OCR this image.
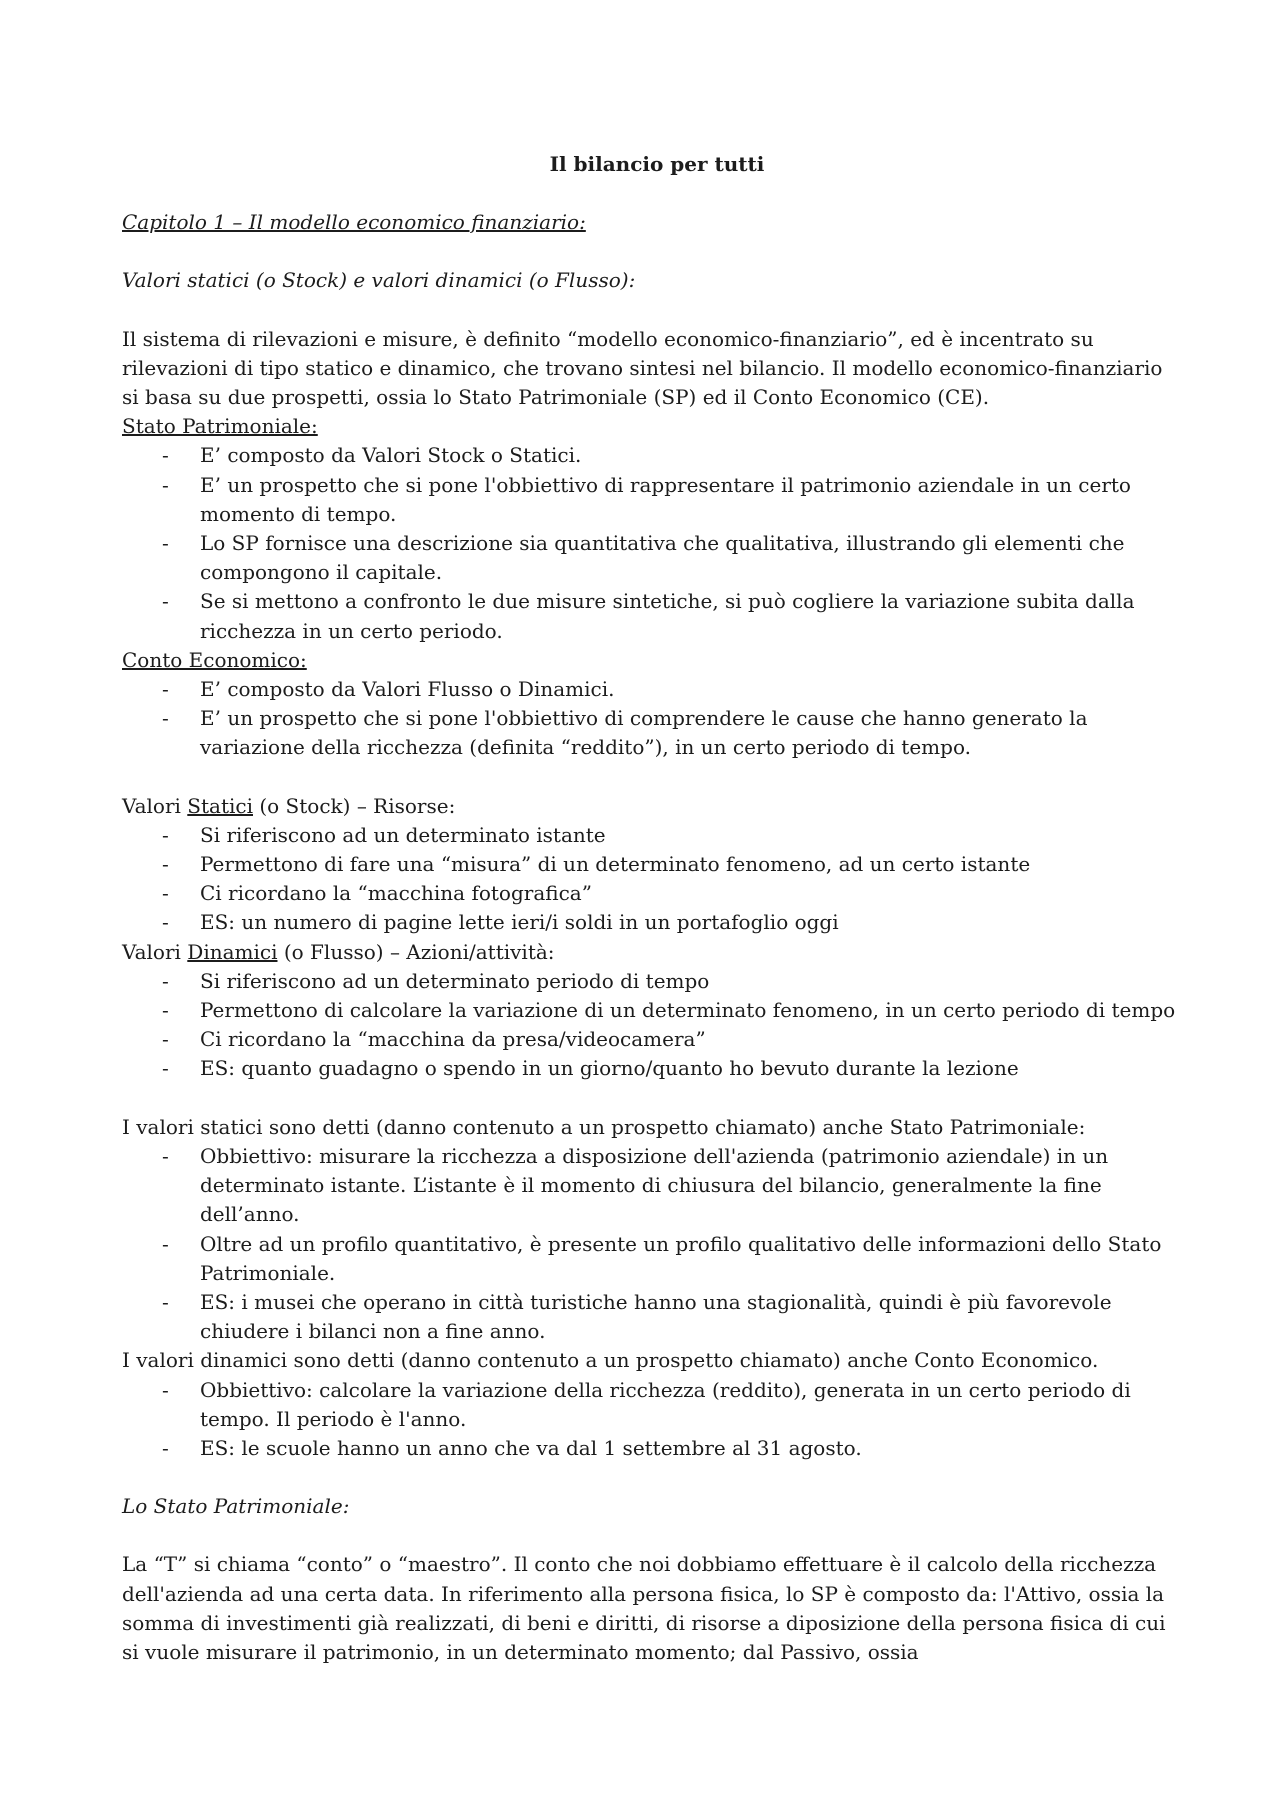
Il bilancio per tutti

Capitolo 1 – Il modello economico finanziario:

Valori statici (o Stock) e valori dinamici (o Flusso):

Il sistema di rilevazioni e misure, è definito “modello economico-finanziario”, ed è incentrato su rilevazioni di tipo statico e dinamico, che trovano sintesi nel bilancio. Il modello economico-finanziario si basa su due prospetti, ossia lo Stato Patrimoniale (SP) ed il Conto Economico (CE).

Stato Patrimoniale:

- E’ composto da Valori Stock o Statici.
- E’ un prospetto che si pone l'obbiettivo di rappresentare il patrimonio aziendale in un certo momento di tempo.
- Lo SP fornisce una descrizione sia quantitativa che qualitativa, illustrando gli elementi che compongono il capitale.
- Se si mettono a confronto le due misure sintetiche, si può cogliere la variazione subita dalla ricchezza in un certo periodo.

Conto Economico:

- E’ composto da Valori Flusso o Dinamici.
- E’ un prospetto che si pone l'obbiettivo di comprendere le cause che hanno generato la variazione della ricchezza (definita “reddito”), in un certo periodo di tempo.

Valori Statici (o Stock) – Risorse:

- Si riferiscono ad un determinato istante
- Permettono di fare una “misura” di un determinato fenomeno, ad un certo istante
- Ci ricordano la “macchina fotografica”
- ES: un numero di pagine lette ieri/i soldi in un portafoglio oggi

Valori Dinamici (o Flusso) – Azioni/attività:

- Si riferiscono ad un determinato periodo di tempo
- Permettono di calcolare la variazione di un determinato fenomeno, in un certo periodo di tempo
- Ci ricordano la “macchina da presa/videocamera”
- ES: quanto guadagno o spendo in un giorno/quanto ho bevuto durante la lezione

I valori statici sono detti (danno contenuto a un prospetto chiamato) anche Stato Patrimoniale:

- Obbiettivo: misurare la ricchezza a disposizione dell'azienda (patrimonio aziendale) in un determinato istante. L’istante è il momento di chiusura del bilancio, generalmente la fine dell’anno.
- Oltre ad un profilo quantitativo, è presente un profilo qualitativo delle informazioni dello Stato Patrimoniale.
- ES: i musei che operano in città turistiche hanno una stagionalità, quindi è più favorevole chiudere i bilanci non a fine anno.

I valori dinamici sono detti (danno contenuto a un prospetto chiamato) anche Conto Economico.

- Obbiettivo: calcolare la variazione della ricchezza (reddito), generata in un certo periodo di tempo. Il periodo è l'anno.
- ES: le scuole hanno un anno che va dal 1 settembre al 31 agosto.

Lo Stato Patrimoniale:

La “T” si chiama “conto” o “maestro”. Il conto che noi dobbiamo effettuare è il calcolo della ricchezza dell'azienda ad una certa data. In riferimento alla persona fisica, lo SP è composto da: l'Attivo, ossia la somma di investimenti già realizzati, di beni e diritti, di risorse a diposizione della persona fisica di cui si vuole misurare il patrimonio, in un determinato momento; dal Passivo, ossia
